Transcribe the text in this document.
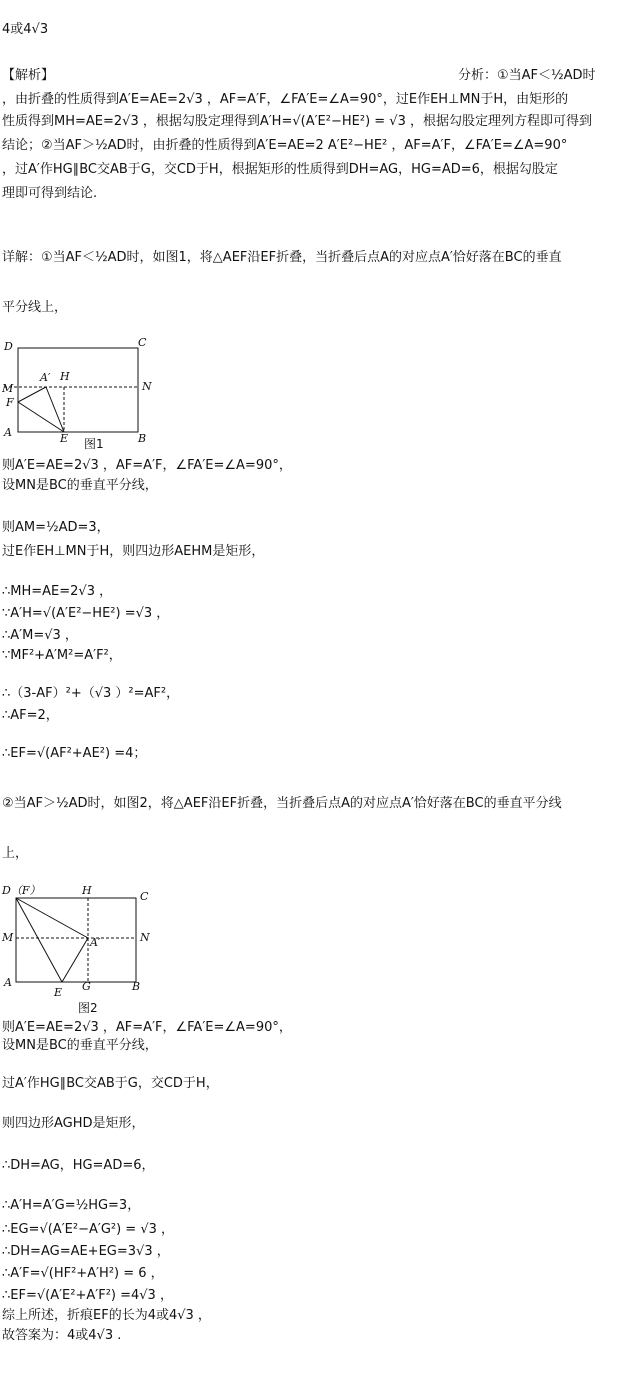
4或4√3
【解析】	分析：①当AF＜½AD时
，由折叠的性质得到A′E=AE=2√3 ，AF=A′F，∠FA′E=∠A=90°，过E作EH⊥MN于H，由矩形的
性质得到MH=AE=2√3 ，根据勾股定理得到A′H=√(A′E²−HE²) = √3 ，根据勾股定理列方程即可得到
结论；②当AF＞½AD时，由折叠的性质得到A′E=AE=2 A′E²−HE² ，AF=A′F，∠FA′E=∠A=90°
，过A′作HG∥BC交AB于G，交CD于H，根据矩形的性质得到DH=AG，HG=AD=6，根据勾股定
理即可得到结论.
详解：①当AF＜½AD时，如图1，将△AEF沿EF折叠，当折叠后点A的对应点A′恰好落在BC的垂直
平分线上，
D	C
M	N
A′ H
F
A	E	B
图1
则A′E=AE=2√3 ，AF=A′F，∠FA′E=∠A=90°，
设MN是BC的垂直平分线，
则AM=½AD=3，
过E作EH⊥MN于H，则四边形AEHM是矩形，
∴MH=AE=2√3 ，
∵A′H=√(A′E²−HE²) =√3 ，
∴A′M=√3 ，
∵MF²+A′M²=A′F²，
∴（3-AF）²+（√3 ）²=AF²，
∴AF=2，
∴EF=√(AF²+AE²) =4；
②当AF＞½AD时，如图2，将△AEF沿EF折叠，当折叠后点A的对应点A′恰好落在BC的垂直平分线
上，
D（F）	H	C
M	N
A′
A
E G	B
图2
则A′E=AE=2√3 ，AF=A′F，∠FA′E=∠A=90°，
设MN是BC的垂直平分线，
过A′作HG∥BC交AB于G，交CD于H，
则四边形AGHD是矩形，
∴DH=AG，HG=AD=6，
∴A′H=A′G=½HG=3，
∴EG=√(A′E²−A′G²) = √3 ，
∴DH=AG=AE+EG=3√3 ，
∴A′F=√(HF²+A′H²) = 6 ，
∴EF=√(A′E²+A′F²) =4√3 ，
综上所述，折痕EF的长为4或4√3 ，
故答案为：4或4√3 .
